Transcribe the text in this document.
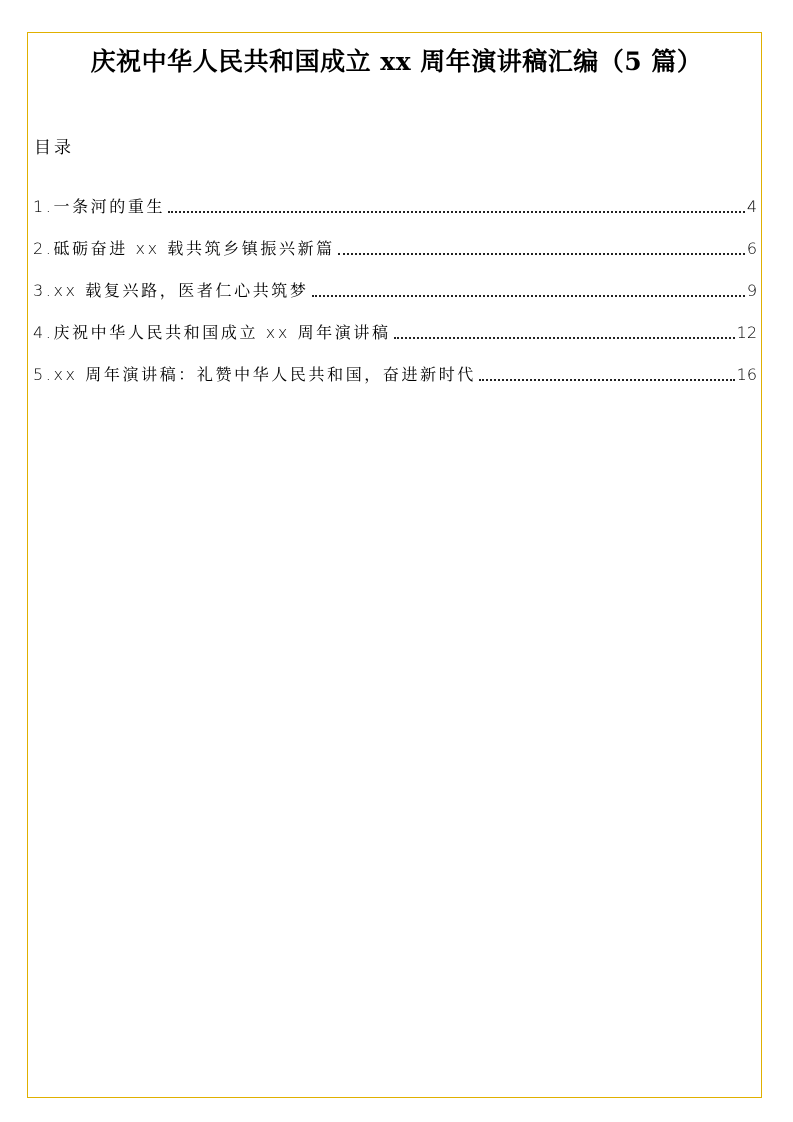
庆祝中华人民共和国成立 xx 周年演讲稿汇编（5 篇）
目录
1.一条河的重生	4
2.砥砺奋进 xx 载共筑乡镇振兴新篇	6
3.xx 载复兴路，医者仁心共筑梦	9
4.庆祝中华人民共和国成立 xx 周年演讲稿	12
5.xx 周年演讲稿：礼赞中华人民共和国，奋进新时代	16
